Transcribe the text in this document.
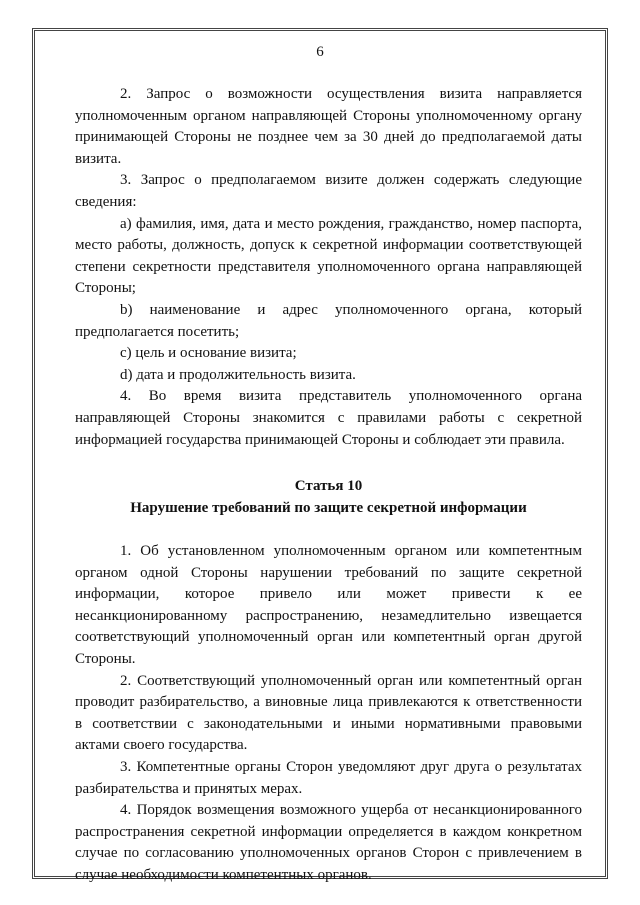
6

2. Запрос о возможности осуществления визита направляется уполномоченным органом направляющей Стороны уполномоченному органу принимающей Стороны не позднее чем за 30 дней до предполагаемой даты визита.

3. Запрос о предполагаемом визите должен содержать следующие сведения:

a) фамилия, имя, дата и место рождения, гражданство, номер паспорта, место работы, должность, допуск к секретной информации соответствующей степени секретности представителя уполномоченного органа направляющей Стороны;

b) наименование и адрес уполномоченного органа, который предполагается посетить;

c) цель и основание визита;

d) дата и продолжительность визита.

4. Во время визита представитель уполномоченного органа направляющей Стороны знакомится с правилами работы с секретной информацией государства принимающей Стороны и соблюдает эти правила.

Статья 10
Нарушение требований по защите секретной информации

1. Об установленном уполномоченным органом или компетентным органом одной Стороны нарушении требований по защите секретной информации, которое привело или может привести к ее несанкционированному распространению, незамедлительно извещается соответствующий уполномоченный орган или компетентный орган другой Стороны.

2. Соответствующий уполномоченный орган или компетентный орган проводит разбирательство, а виновные лица привлекаются к ответственности в соответствии с законодательными и иными нормативными правовыми актами своего государства.

3. Компетентные органы Сторон уведомляют друг друга о результатах разбирательства и принятых мерах.

4. Порядок возмещения возможного ущерба от несанкционированного распространения секретной информации определяется в каждом конкретном случае по согласованию уполномоченных органов Сторон с привлечением в случае необходимости компетентных органов.
